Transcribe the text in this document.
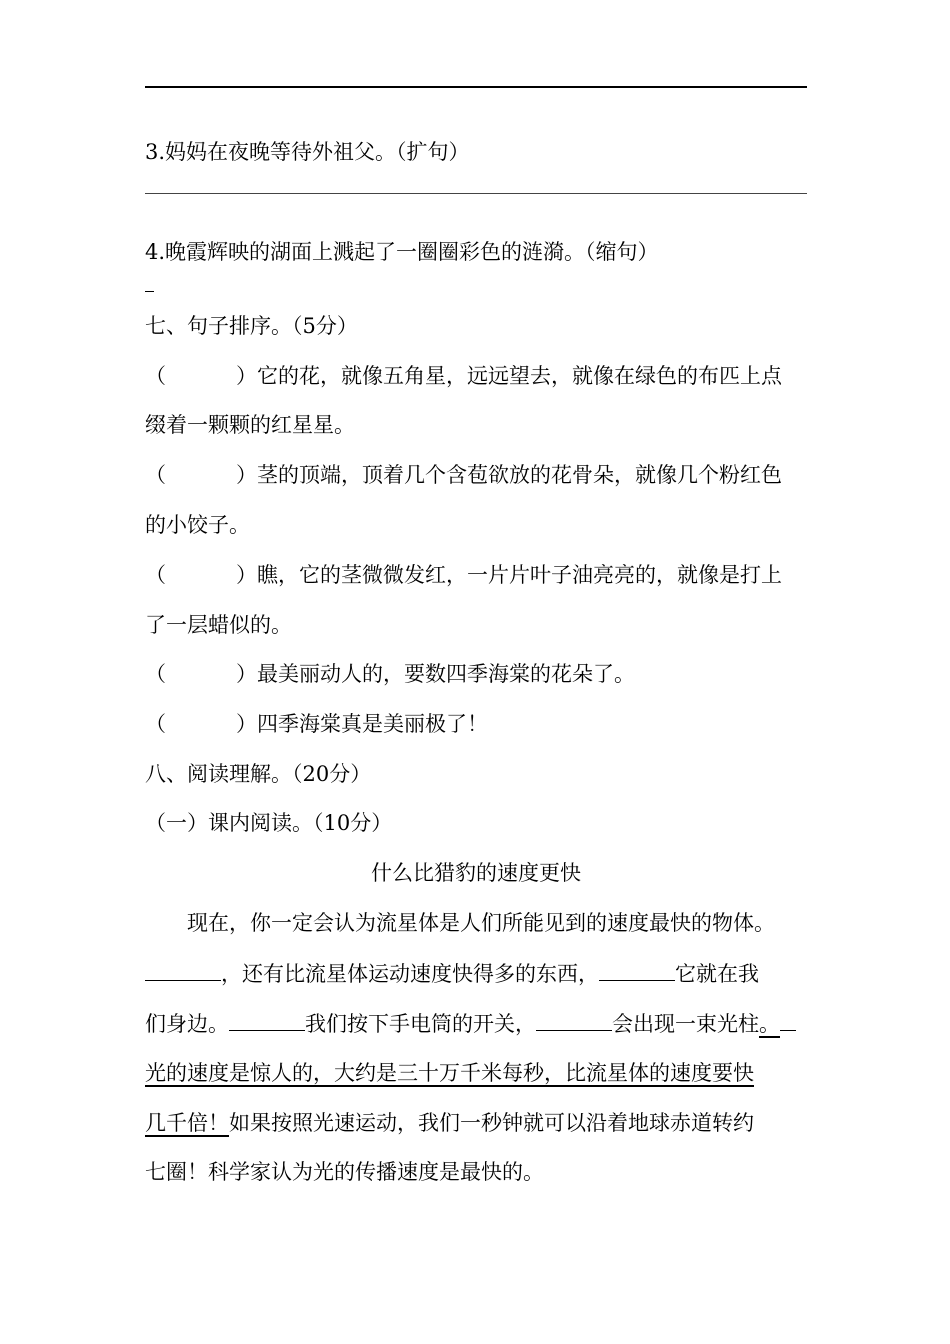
3.妈妈在夜晚等待外祖父。（扩句）
4.晚霞辉映的湖面上溅起了一圈圈彩色的涟漪。（缩句）
七、句子排序。（5分）
（	）它的花，就像五角星，远远望去，就像在绿色的布匹上点
缀着一颗颗的红星星。
（	）茎的顶端，顶着几个含苞欲放的花骨朵，就像几个粉红色
的小饺子。
（	）瞧，它的茎微微发红，一片片叶子油亮亮的，就像是打上
了一层蜡似的。
（	）最美丽动人的，要数四季海棠的花朵了。
（	）四季海棠真是美丽极了！
八、阅读理解。（20分）
（一）课内阅读。（10分）
什么比猎豹的速度更快
现在，你一定会认为流星体是人们所能见到的速度最快的物体。
，还有比流星体运动速度快得多的东西，	它就在我
们身边。	我们按下手电筒的开关，	会出现一束光柱。
光的速度是惊人的，大约是三十万千米每秒，比流星体的速度要快
几千倍！如果按照光速运动，我们一秒钟就可以沿着地球赤道转约
七圈！科学家认为光的传播速度是最快的。
